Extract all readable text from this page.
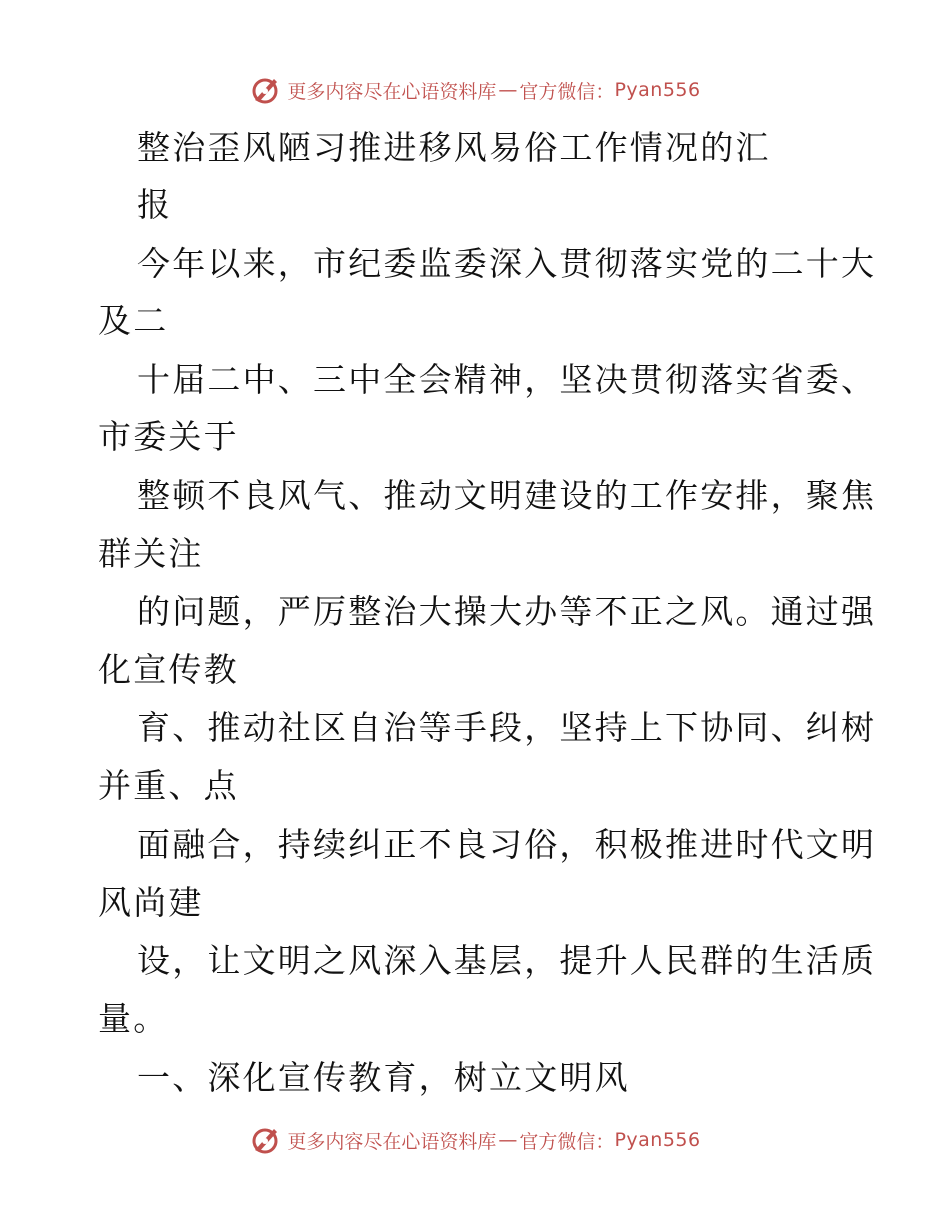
更多内容尽在心语资料库 — 官方微信： Pyan556
整治歪风陋习推进移风易俗工作情况的汇
报
今年以来，市纪委监委深入贯彻落实党的二十大
及二
十届二中、三中全会精神，坚决贯彻落实省委、
市委关于
整顿不良风气、推动文明建设的工作安排，聚焦
群关注
的问题，严厉整治大操大办等不正之风。通过强
化宣传教
育、推动社区自治等手段，坚持上下协同、纠树
并重、点
面融合，持续纠正不良习俗，积极推进时代文明
风尚建
设，让文明之风深入基层，提升人民群的生活质
量。
一、深化宣传教育，树立文明风
更多内容尽在心语资料库 — 官方微信： Pyan556
